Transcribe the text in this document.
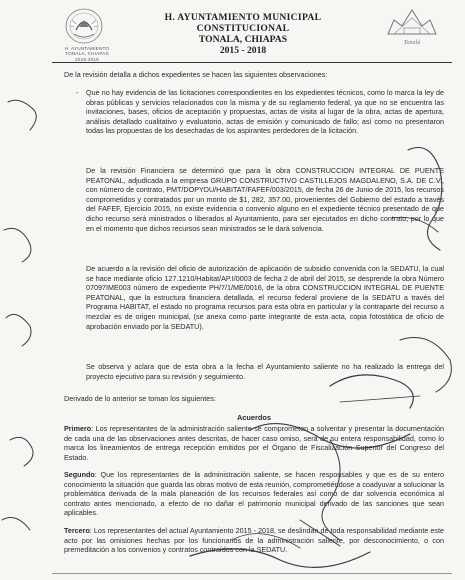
H. AYUNTAMIENTO
TONALA, CHIAPAS
2015-2018
H. AYUNTAMIENTO MUNICIPAL CONSTITUCIONAL
TONALA, CHIAPAS
2015 - 2018
Tonalá
De la revisión detalla a dichos expedientes se hacen las siguientes observaciones:
- Que no hay evidencia de las licitaciones correspondientes en los expedientes técnicos, como lo marca la ley de obras públicas y servicios relacionados con la misma y de su reglamento federal, ya que no se encuentra las invitaciones, bases, oficios de aceptación y propuestas, actas de visita al lugar de la obra, actas de apertura, análisis detallado cualitativo y evaluatorio, actas de emisión y comunicado de fallo; así como no presentaron todas las propuestas de los desechadas de los aspirantes perdedores de la licitación.
De la revisión Financiera se determinó que para la obra CONSTRUCCION INTEGRAL DE PUENTE PEATONAL, adjudicada a la empresa GRUPO CONSTRUCTIVO CASTILLEJOS MAGDALENO, S.A. DE C.V., con número de contrato, PMT/DOPYDU/HABITAT/FAFEF/003/2015, de fecha 26 de Junio de 2015, los recursos comprometidos y contratados por un monto de $1, 282, 357.00, provenientes del Gobierno del estado a través del FAFEF, Ejercicio 2015, no existe evidencia o convenio alguno en el expediente técnico presentado de que dicho recurso será ministrados o liberados al Ayuntamiento, para ser ejecutados en dicho contrato, por lo que en el momento que dichos recursos sean ministrados se le dará solvencia.
De acuerdo a la revisión del oficio de autorización de aplicación de subsidio convenida con la SEDATU, la cual se hace mediante oficio 127.1210/Habitat/AP.I/0003 de fecha 2 de abril del 2015, se desprende la obra Número 07097IME003 número de expediente PH/7/1/ME/0016, de la obra CONSTRUCCION INTEGRAL DE PUENTE PEATONAL, que la estructura financiera detallada, el recurso federal proviene de la SEDATU a través del Programa HABITAT, el estado no programa recursos para esta obra en particular y la contraparte del recurso a mezclar es de origen municipal, (se anexa como parte integrante de esta acta, copia fotostática de oficio de aprobación enviado por la SEDATU).
Se observa y aclara que de esta obra a la fecha el Ayuntamiento saliente no ha realizado la entrega del proyecto ejecutivo para su revisión y seguimiento.
Derivado de lo anterior se toman los siguientes:
Acuerdos
Primero: Los representantes de la administración saliente se comprometen a solventar y presentar la documentación de cada una de las observaciones antes descritas, de hacer caso omiso, será de su entera responsabilidad, como lo marca los lineamientos de entrega recepción emitidos por el Órgano de Fiscalización Superior del Congreso del Estado.
Segundo: Que los representantes de la administración saliente, se hacen responsables y que es de su entero conocimiento la situación que guarda las obras motivo de esta reunión, comprometiéndose a coadyuvar a solucionar la problemática derivada de la mala planeación de los recursos federales así como de dar solvencia económica al contrato antes mencionado, a efecto de no dañar el patrimonio municipal derivado de las sanciones que sean aplicables.
Tercero: Los representantes del actual Ayuntamiento 2015 - 2018, se deslindan de toda responsabilidad mediante este acto por las omisiones hechas por los funcionarios de la administración saliente, por desconocimiento, o con premeditación a los convenios y contratos contraídos con la SEDATU.
